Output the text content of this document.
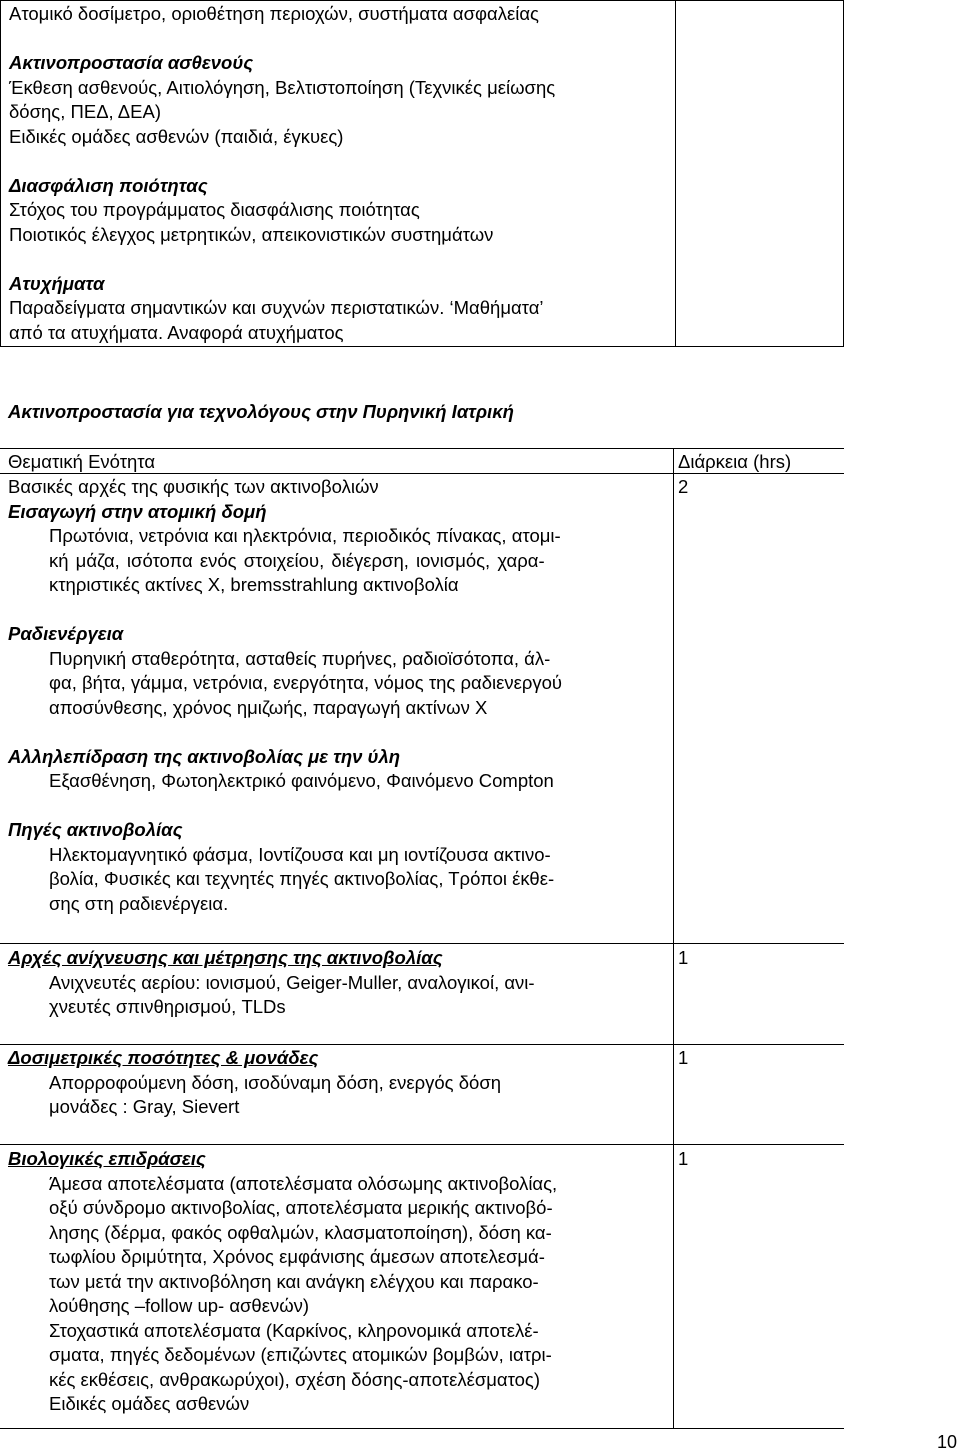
Ατομικό δοσίμετρο, οριοθέτηση περιοχών, συστήματα ασφαλείας

Ακτινοπροστασία ασθενούς

Έκθεση ασθενούς, Αιτιολόγηση, Βελτιστοποίηση (Τεχνικές μείωσης

δόσης, ΠΕΔ, ΔΕΑ)

Ειδικές ομάδες ασθενών (παιδιά, έγκυες)

Διασφάλιση ποιότητας

Στόχος του προγράμματος διασφάλισης ποιότητας

Ποιοτικός έλεγχος μετρητικών, απεικονιστικών συστημάτων

Ατυχήματα

Παραδείγματα σημαντικών και συχνών περιστατικών. ‘Μαθήματα’

από τα ατυχήματα. Αναφορά ατυχήματος

Ακτινοπροστασία για τεχνολόγους στην Πυρηνική Ιατρική

Θεματική Ενότητα	Διάρκεια (hrs)

Βασικές αρχές της φυσικής των ακτινοβολιών

Εισαγωγή στην ατομική δομή

Πρωτόνια, νετρόνια και ηλεκτρόνια, περιοδικός πίνακας, ατομι-

κή μάζα, ισότοπα ενός στοιχείου, διέγερση, ιονισμός, χαρα-

κτηριστικές ακτίνες Χ, bremsstrahlung ακτινοβολία

Ραδιενέργεια

Πυρηνική σταθερότητα, ασταθείς πυρήνες, ραδιοϊσότοπα, άλ-

φα, βήτα, γάμμα, νετρόνια, ενεργότητα, νόμος της ραδιενεργού

αποσύνθεσης, χρόνος ημιζωής, παραγωγή ακτίνων Χ

Αλληλεπίδραση της ακτινοβολίας με την ύλη

Εξασθένηση, Φωτοηλεκτρικό φαινόμενο, Φαινόμενο Compton

Πηγές ακτινοβολίας

Ηλεκτομαγνητικό φάσμα, Ιοντίζουσα και μη ιοντίζουσα ακτινο-

βολία, Φυσικές και τεχνητές πηγές ακτινοβολίας, Τρόποι έκθε-

σης στη ραδιενέργεια.

2

Αρχές ανίχνευσης και μέτρησης της ακτινοβολίας

Ανιχνευτές αερίου: ιονισμού, Geiger-Muller, αναλογικοί, ανι-

χνευτές σπινθηρισμού, TLDs

1

Δοσιμετρικές ποσότητες & μονάδες

Απορροφούμενη δόση, ισοδύναμη δόση, ενεργός δόση

μονάδες : Gray, Sievert

1

Βιολογικές επιδράσεις

Άμεσα αποτελέσματα (αποτελέσματα ολόσωμης ακτινοβολίας,

οξύ σύνδρομο ακτινοβολίας, αποτελέσματα μερικής ακτινοβό-

λησης (δέρμα, φακός οφθαλμών, κλασματοποίηση), δόση κα-

τωφλίου δριμύτητα, Χρόνος εμφάνισης άμεσων αποτελεσμά-

των μετά την ακτινοβόληση και ανάγκη ελέγχου και παρακο-

λούθησης –follow up- ασθενών)

Στοχαστικά αποτελέσματα (Καρκίνος, κληρονομικά αποτελέ-

σματα, πηγές δεδομένων (επιζώντες ατομικών βομβών, ιατρι-

κές εκθέσεις, ανθρακωρύχοι), σχέση δόσης-αποτελέσματος)

Ειδικές ομάδες ασθενών

1

10
